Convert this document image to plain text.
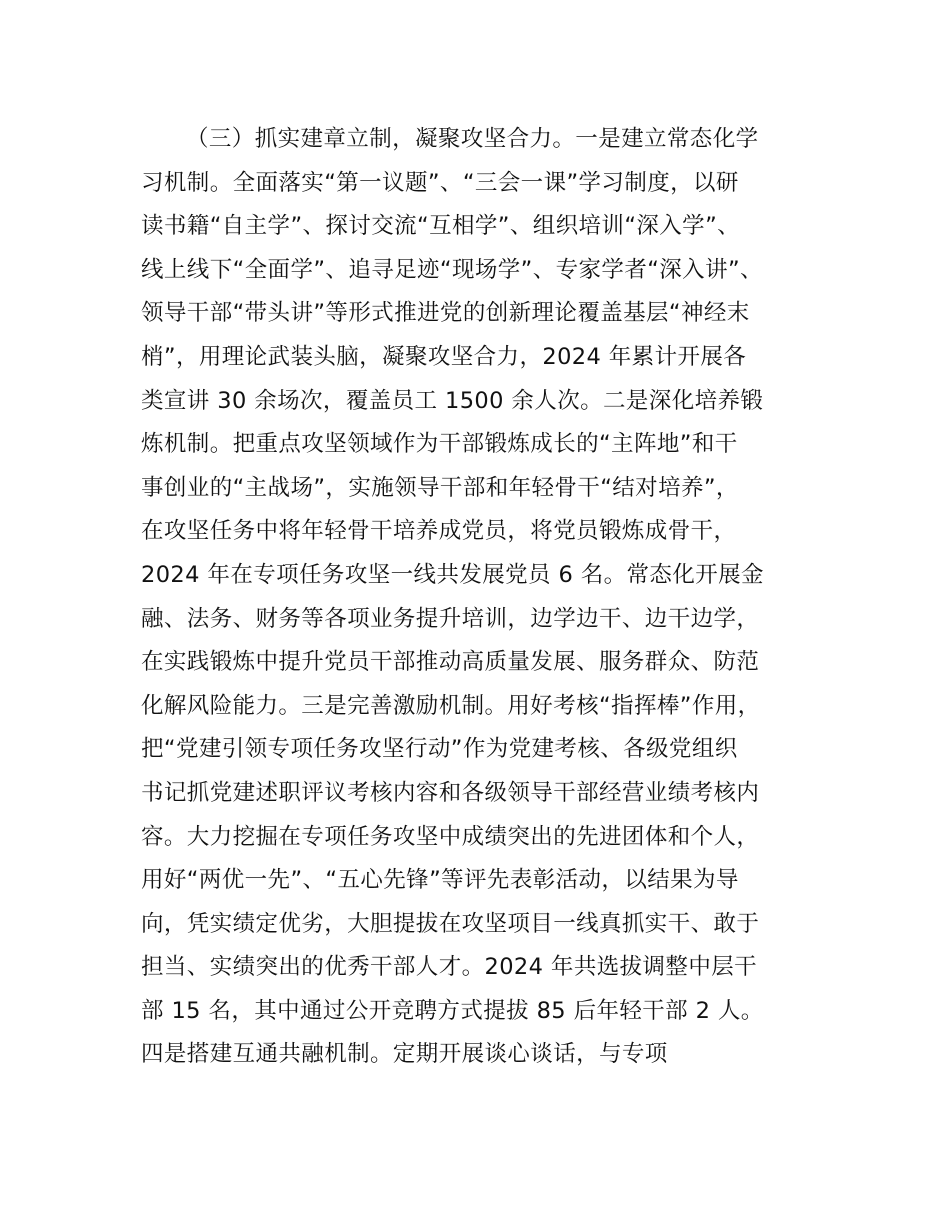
（三）抓实建章立制，凝聚攻坚合力。一是建立常态化学
习机制。全面落实“第一议题”、“三会一课”学习制度，以研
读书籍“自主学”、探讨交流“互相学”、组织培训“深入学”、
线上线下“全面学”、追寻足迹“现场学”、专家学者“深入讲”、
领导干部“带头讲”等形式推进党的创新理论覆盖基层“神经末
梢”，用理论武装头脑，凝聚攻坚合力，2024 年累计开展各
类宣讲 30 余场次，覆盖员工 1500 余人次。二是深化培养锻
炼机制。把重点攻坚领域作为干部锻炼成长的“主阵地”和干
事创业的“主战场”，实施领导干部和年轻骨干“结对培养”，
在攻坚任务中将年轻骨干培养成党员，将党员锻炼成骨干，
2024 年在专项任务攻坚一线共发展党员 6 名。常态化开展金
融、法务、财务等各项业务提升培训，边学边干、边干边学，
在实践锻炼中提升党员干部推动高质量发展、服务群众、防范
化解风险能力。三是完善激励机制。用好考核“指挥棒”作用，
把“党建引领专项任务攻坚行动”作为党建考核、各级党组织
书记抓党建述职评议考核内容和各级领导干部经营业绩考核内
容。大力挖掘在专项任务攻坚中成绩突出的先进团体和个人，
用好“两优一先”、“五心先锋”等评先表彰活动，以结果为导
向，凭实绩定优劣，大胆提拔在攻坚项目一线真抓实干、敢于
担当、实绩突出的优秀干部人才。2024 年共选拔调整中层干
部 15 名，其中通过公开竞聘方式提拔 85 后年轻干部 2 人。
四是搭建互通共融机制。定期开展谈心谈话，与专项
